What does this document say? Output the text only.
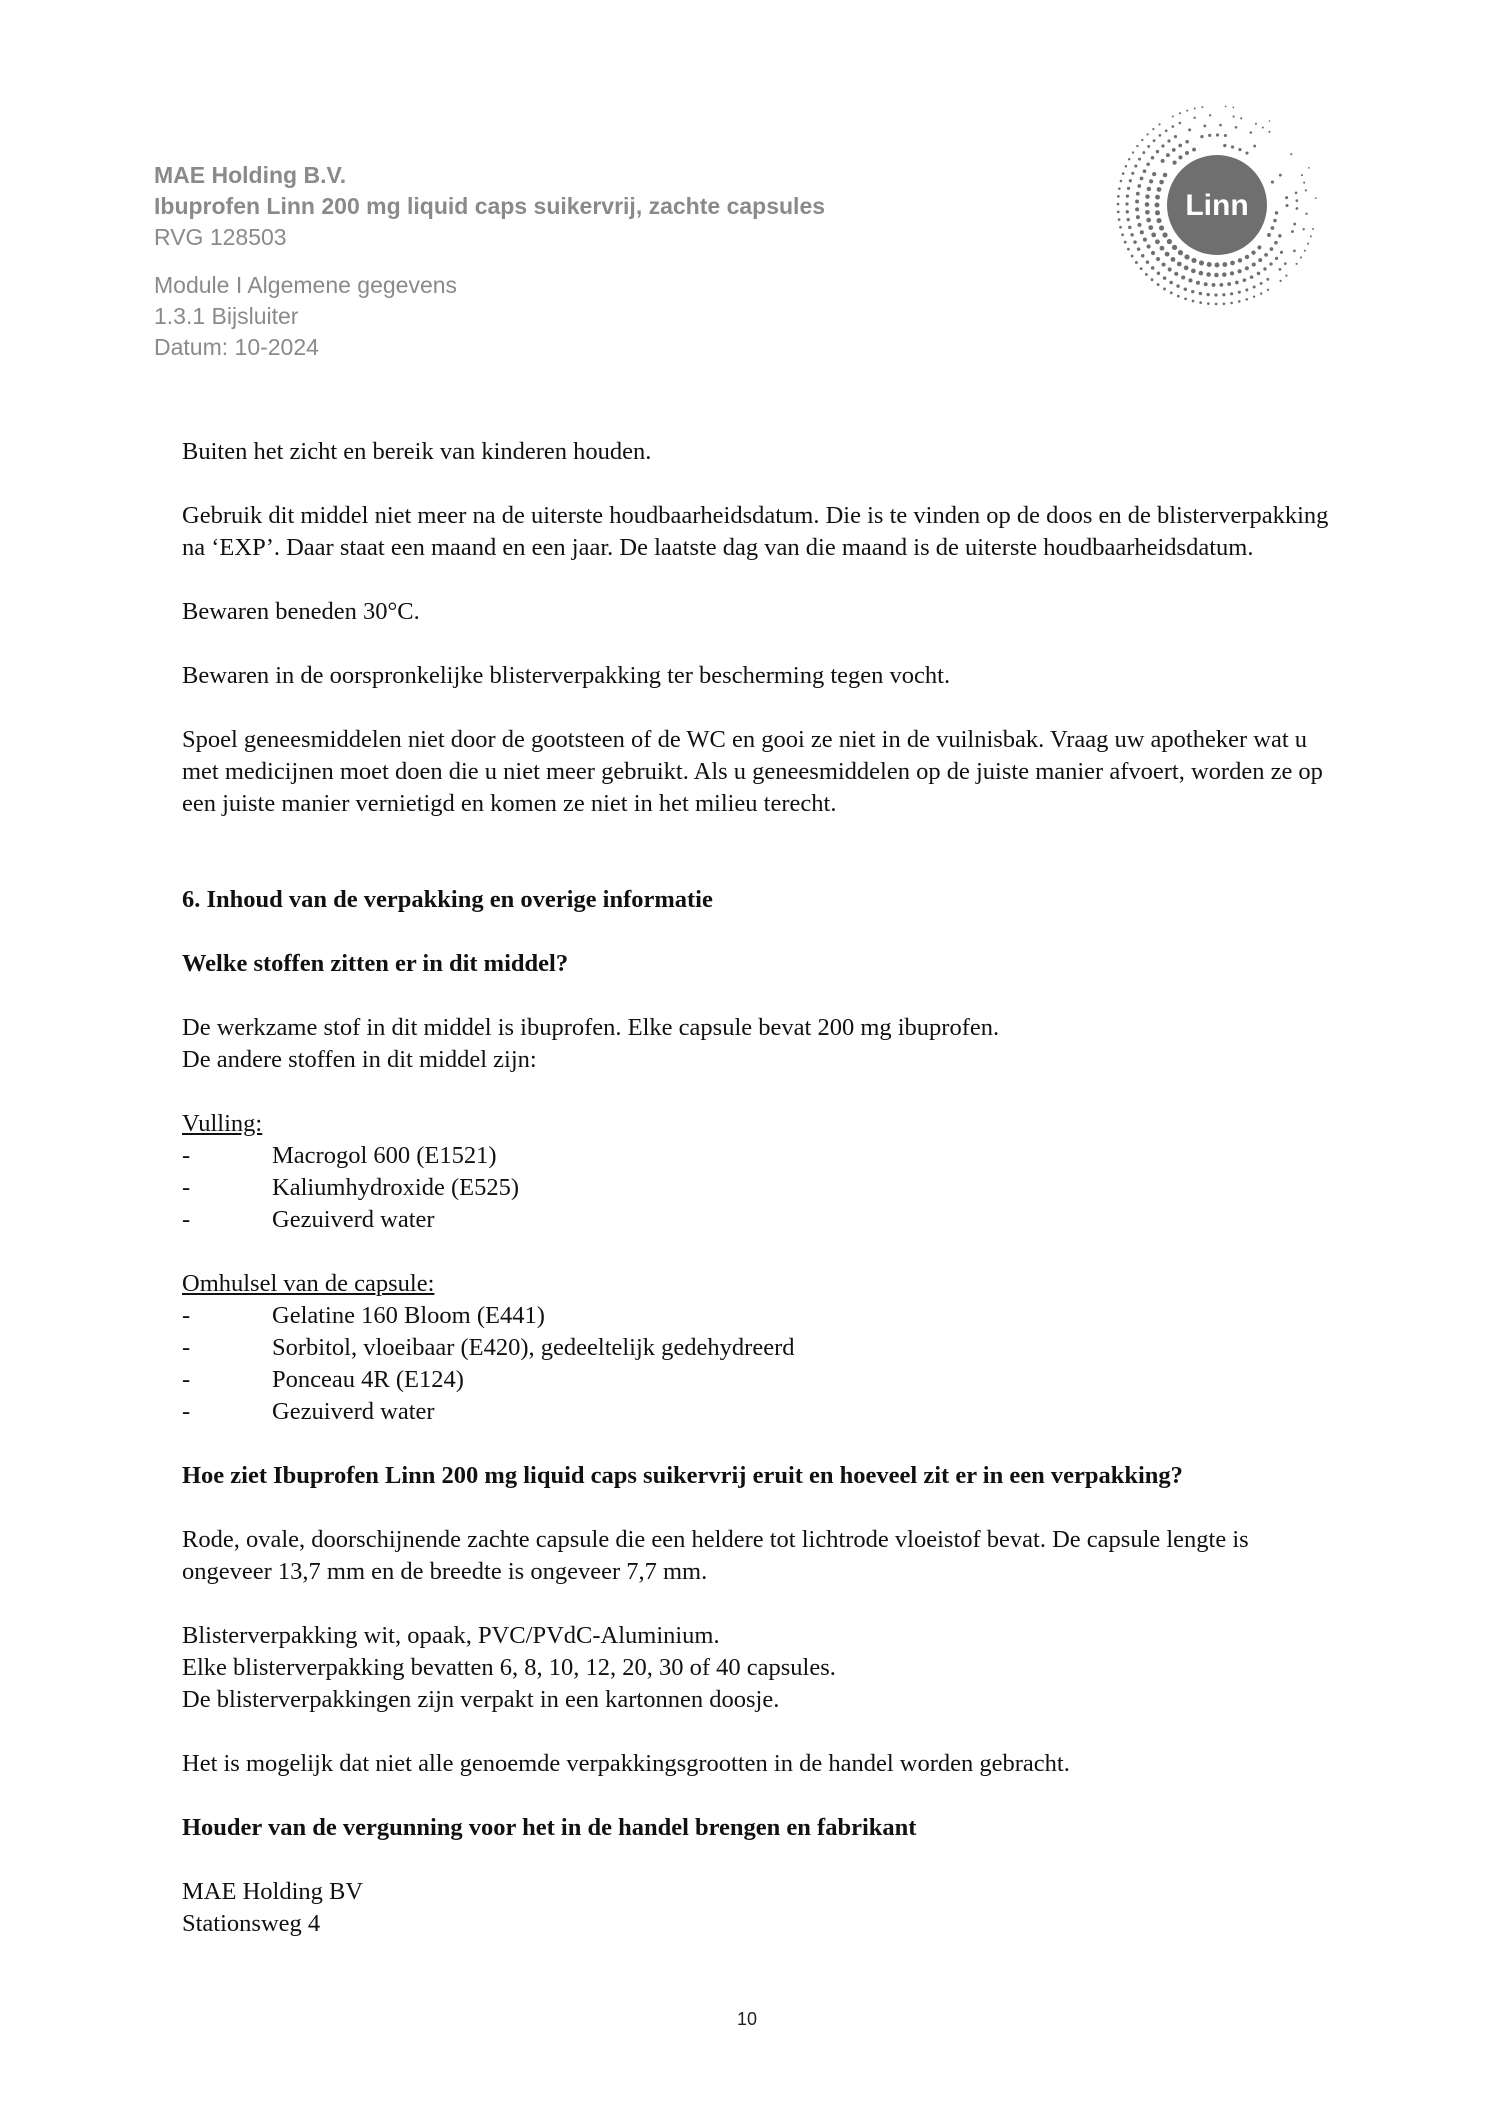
MAE Holding B.V.
Ibuprofen Linn 200 mg liquid caps suikervrij, zachte capsules
RVG 128503
Module I Algemene gegevens
1.3.1 Bijsluiter
Datum: 10-2024
Linn
Buiten het zicht en bereik van kinderen houden.
Gebruik dit middel niet meer na de uiterste houdbaarheidsdatum. Die is te vinden op de doos en de blisterverpakking na ‘EXP’. Daar staat een maand en een jaar. De laatste dag van die maand is de uiterste houdbaarheidsdatum.
Bewaren beneden 30°C.
Bewaren in de oorspronkelijke blisterverpakking ter bescherming tegen vocht.
Spoel geneesmiddelen niet door de gootsteen of de WC en gooi ze niet in de vuilnisbak. Vraag uw apotheker wat u met medicijnen moet doen die u niet meer gebruikt. Als u geneesmiddelen op de juiste manier afvoert, worden ze op een juiste manier vernietigd en komen ze niet in het milieu terecht.
6. Inhoud van de verpakking en overige informatie
Welke stoffen zitten er in dit middel?
De werkzame stof in dit middel is ibuprofen. Elke capsule bevat 200 mg ibuprofen.
De andere stoffen in dit middel zijn:
Vulling:
-	Macrogol 600 (E1521)
-	Kaliumhydroxide (E525)
-	Gezuiverd water
Omhulsel van de capsule:
-	Gelatine 160 Bloom (E441)
-	Sorbitol, vloeibaar (E420), gedeeltelijk gedehydreerd
-	Ponceau 4R (E124)
-	Gezuiverd water
Hoe ziet Ibuprofen Linn 200 mg liquid caps suikervrij eruit en hoeveel zit er in een verpakking?
Rode, ovale, doorschijnende zachte capsule die een heldere tot lichtrode vloeistof bevat. De capsule lengte is ongeveer 13,7 mm en de breedte is ongeveer 7,7 mm.
Blisterverpakking wit, opaak, PVC/PVdC-Aluminium.
Elke blisterverpakking bevatten 6, 8, 10, 12, 20, 30 of 40 capsules.
De blisterverpakkingen zijn verpakt in een kartonnen doosje.
Het is mogelijk dat niet alle genoemde verpakkingsgrootten in de handel worden gebracht.
Houder van de vergunning voor het in de handel brengen en fabrikant
MAE Holding BV
Stationsweg 4
10
